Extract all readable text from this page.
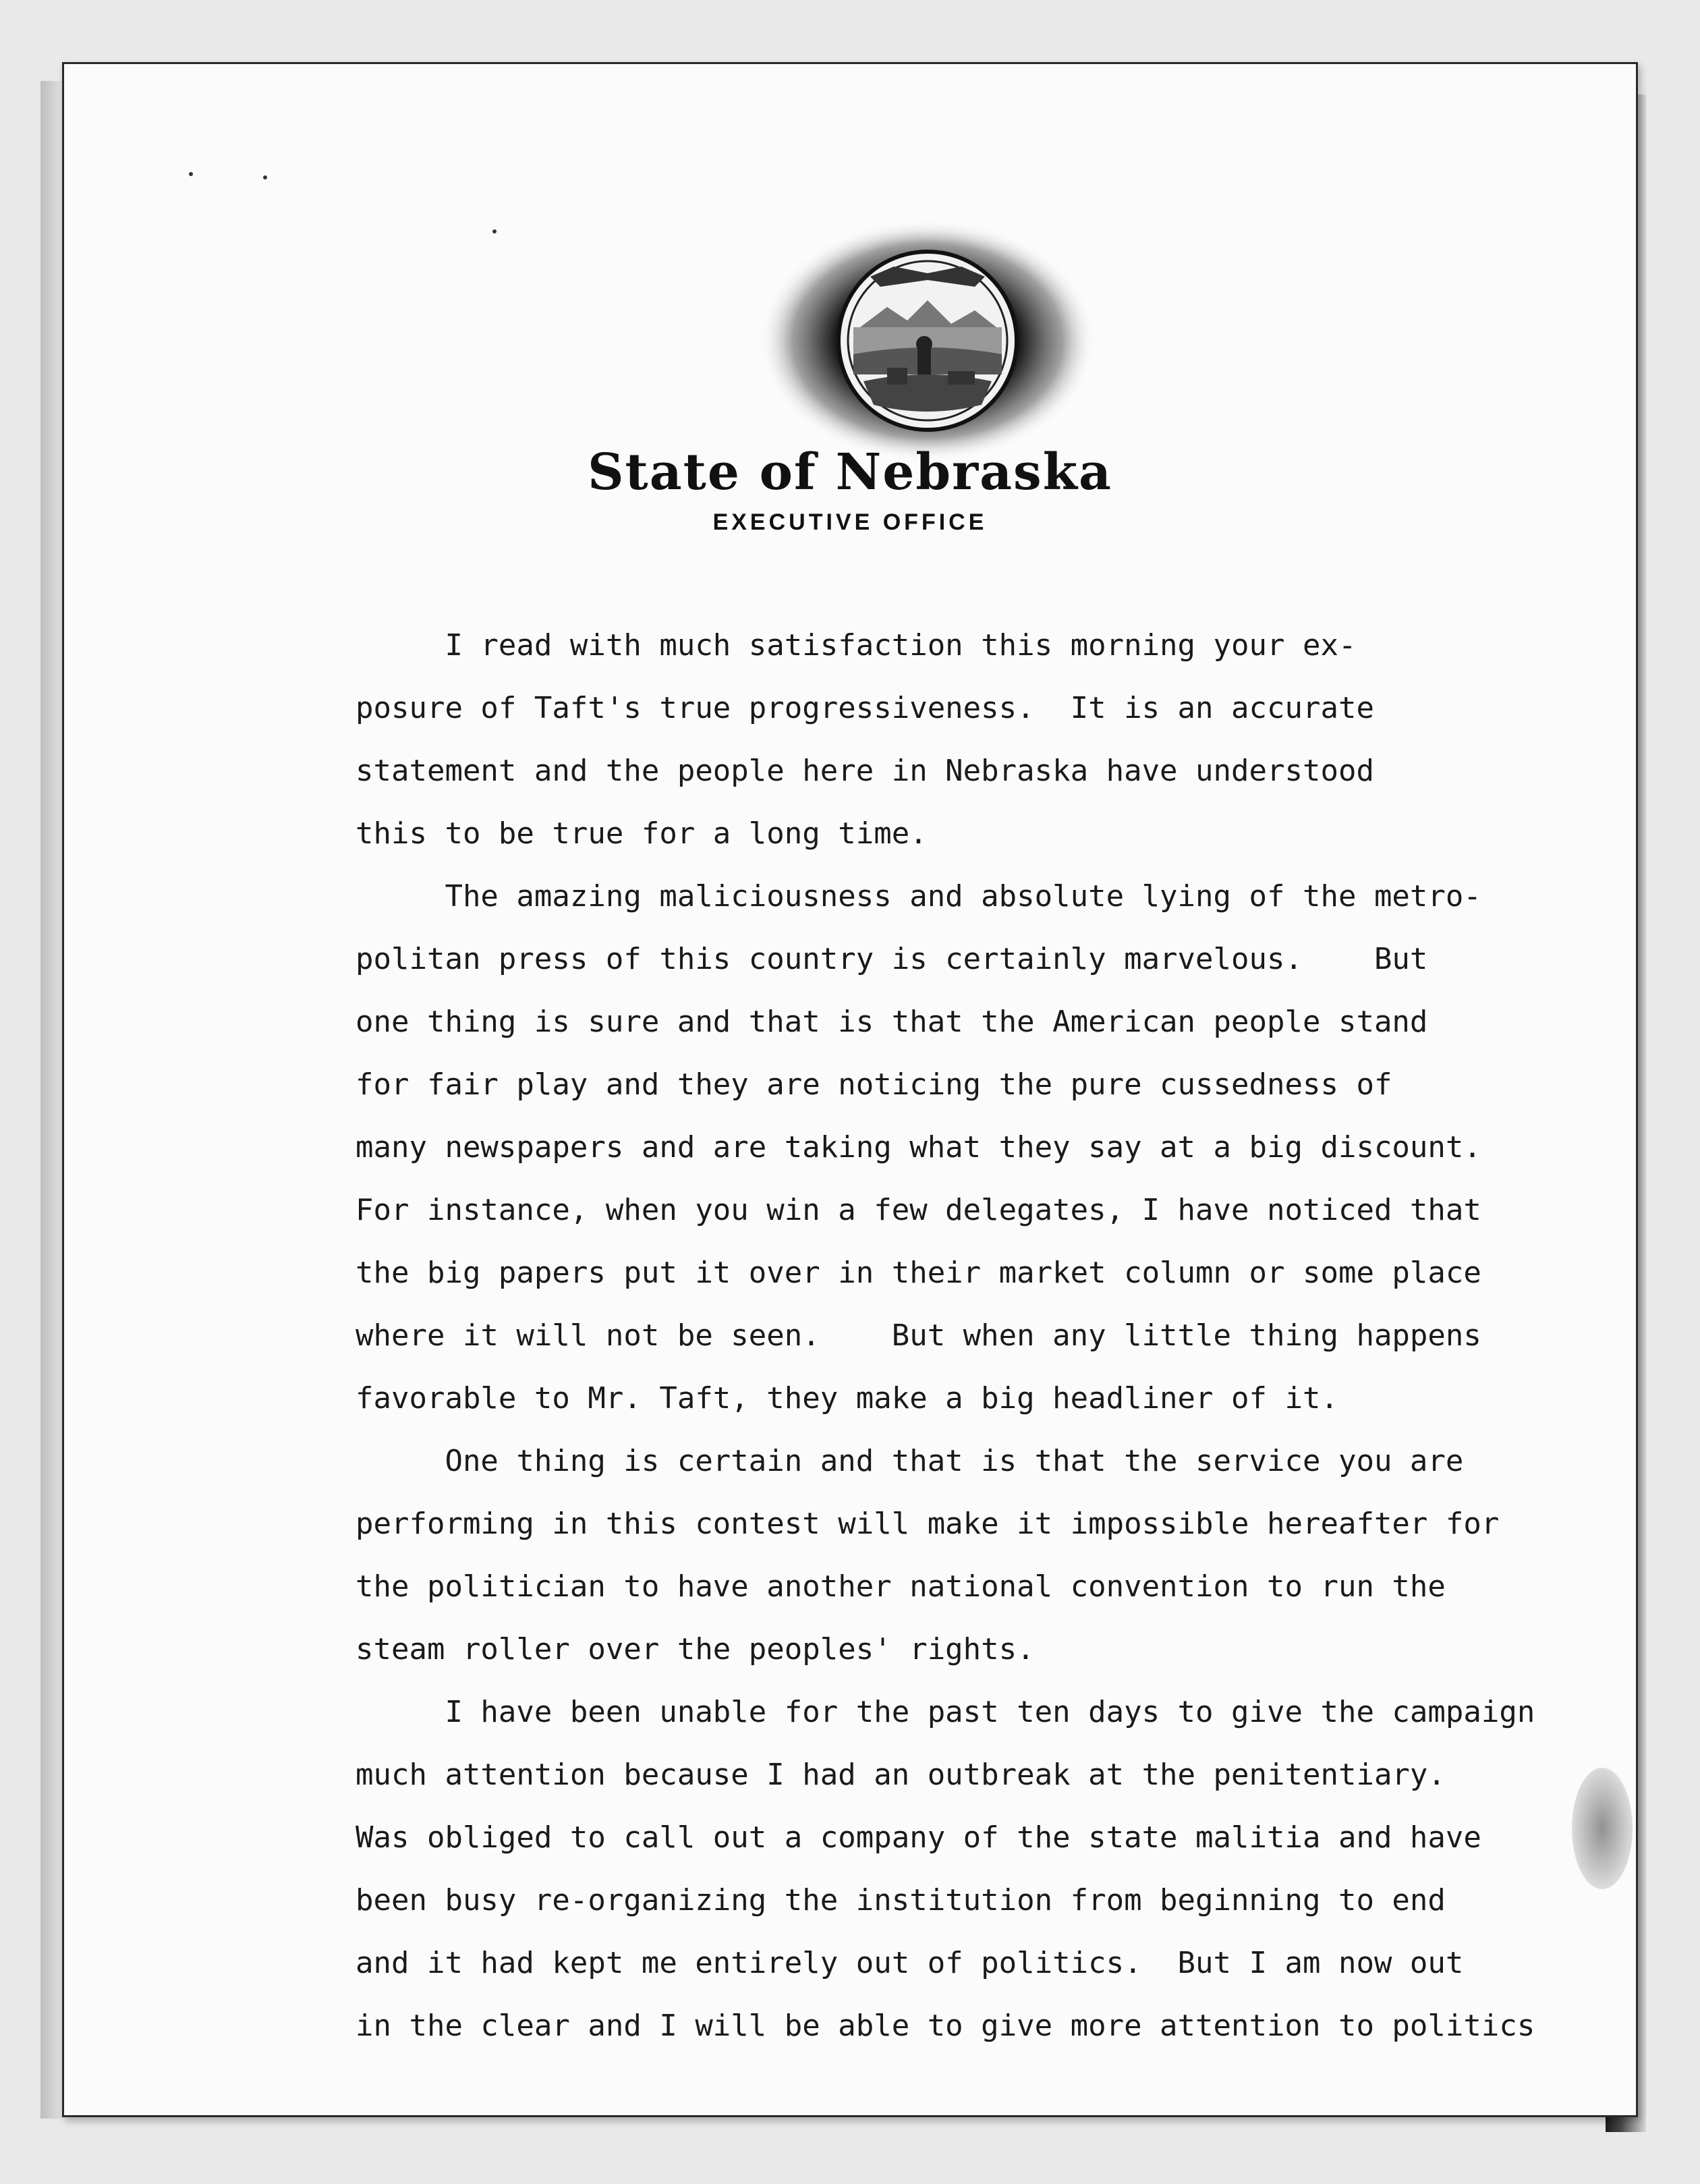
State of Nebraska
EXECUTIVE OFFICE
I read with much satisfaction this morning your ex-
posure of Taft's true progressiveness.  It is an accurate
statement and the people here in Nebraska have understood
this to be true for a long time.
The amazing maliciousness and absolute lying of the metro-
politan press of this country is certainly marvelous.    But
one thing is sure and that is that the American people stand
for fair play and they are noticing the pure cussedness of
many newspapers and are taking what they say at a big discount.
For instance, when you win a few delegates, I have noticed that
the big papers put it over in their market column or some place
where it will not be seen.    But when any little thing happens
favorable to Mr. Taft, they make a big headliner of it.
One thing is certain and that is that the service you are
performing in this contest will make it impossible hereafter for
the politician to have another national convention to run the
steam roller over the peoples' rights.
I have been unable for the past ten days to give the campaign
much attention because I had an outbreak at the penitentiary.
Was obliged to call out a company of the state malitia and have
been busy re-organizing the institution from beginning to end
and it had kept me entirely out of politics.  But I am now out
in the clear and I will be able to give more attention to politics
